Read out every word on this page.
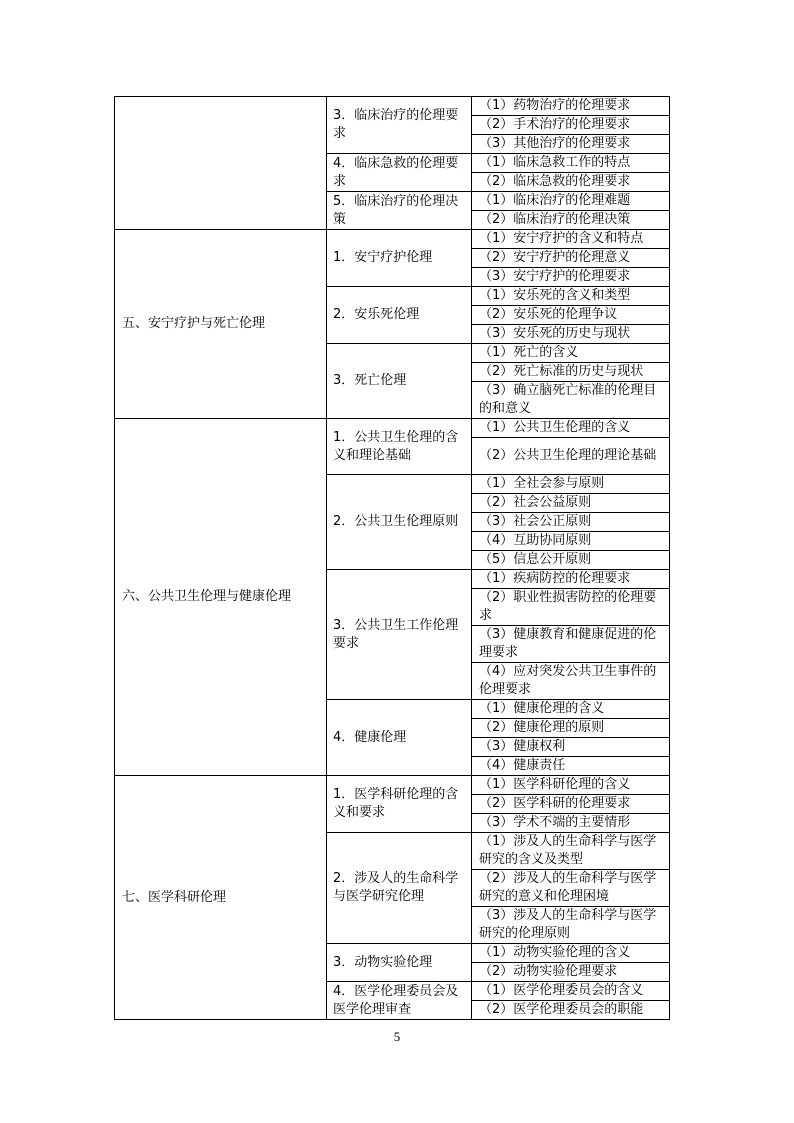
	3．临床治疗的伦理要求	（1）药物治疗的伦理要求
		（2）手术治疗的伦理要求
		（3）其他治疗的伦理要求
	4．临床急救的伦理要求	（1）临床急救工作的特点
		（2）临床急救的伦理要求
	5．临床治疗的伦理决策	（1）临床治疗的伦理难题
		（2）临床治疗的伦理决策
五、安宁疗护与死亡伦理	1．安宁疗护伦理	（1）安宁疗护的含义和特点
		（2）安宁疗护的伦理意义
		（3）安宁疗护的伦理要求
	2．安乐死伦理	（1）安乐死的含义和类型
		（2）安乐死的伦理争议
		（3）安乐死的历史与现状
	3．死亡伦理	（1）死亡的含义
		（2）死亡标准的历史与现状
		（3）确立脑死亡标准的伦理目的和意义
六、公共卫生伦理与健康伦理	1．公共卫生伦理的含义和理论基础	（1）公共卫生伦理的含义
		（2）公共卫生伦理的理论基础
	2．公共卫生伦理原则	（1）全社会参与原则
		（2）社会公益原则
		（3）社会公正原则
		（4）互助协同原则
		（5）信息公开原则
	3．公共卫生工作伦理要求	（1）疾病防控的伦理要求
		（2）职业性损害防控的伦理要求
		（3）健康教育和健康促进的伦理要求
		（4）应对突发公共卫生事件的伦理要求
	4．健康伦理	（1）健康伦理的含义
		（2）健康伦理的原则
		（3）健康权利
		（4）健康责任
七、医学科研伦理	1．医学科研伦理的含义和要求	（1）医学科研伦理的含义
		（2）医学科研的伦理要求
		（3）学术不端的主要情形
	2．涉及人的生命科学与医学研究伦理	（1）涉及人的生命科学与医学研究的含义及类型
		（2）涉及人的生命科学与医学研究的意义和伦理困境
		（3）涉及人的生命科学与医学研究的伦理原则
	3．动物实验伦理	（1）动物实验伦理的含义
		（2）动物实验伦理要求
	4．医学伦理委员会及医学伦理审查	（1）医学伦理委员会的含义
		（2）医学伦理委员会的职能
5
